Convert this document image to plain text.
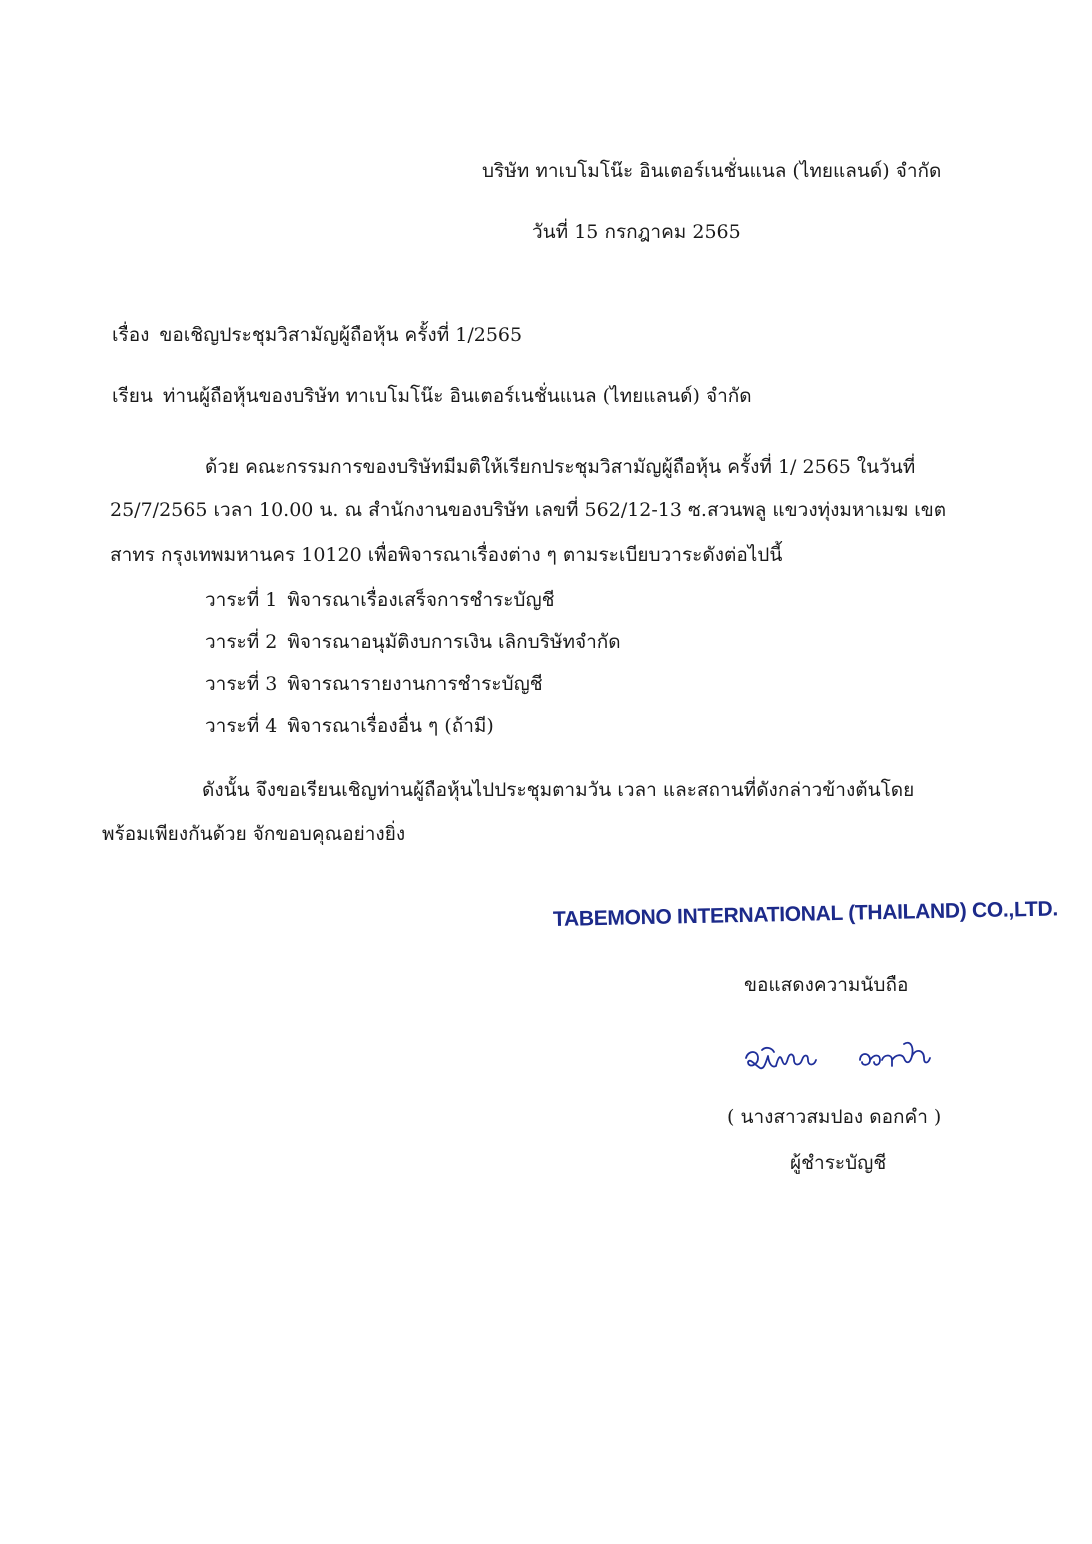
บริษัท ทาเบโมโน๊ะ อินเตอร์เนชั่นแนล (ไทยแลนด์) จำกัด
วันที่ 15 กรกฎาคม 2565
เรื่อง ขอเชิญประชุมวิสามัญผู้ถือหุ้น ครั้งที่ 1/2565
เรียน ท่านผู้ถือหุ้นของบริษัท ทาเบโมโน๊ะ อินเตอร์เนชั่นแนล (ไทยแลนด์) จำกัด
ด้วย คณะกรรมการของบริษัทมีมติให้เรียกประชุมวิสามัญผู้ถือหุ้น ครั้งที่ 1/ 2565 ในวันที่
25/7/2565 เวลา 10.00 น. ณ สำนักงานของบริษัท เลขที่ 562/12-13 ซ.สวนพลู แขวงทุ่งมหาเมฆ เขต
สาทร กรุงเทพมหานคร 10120 เพื่อพิจารณาเรื่องต่าง ๆ ตามระเบียบวาระดังต่อไปนี้
วาระที่ 1 พิจารณาเรื่องเสร็จการชำระบัญชี
วาระที่ 2 พิจารณาอนุมัติงบการเงิน เลิกบริษัทจำกัด
วาระที่ 3 พิจารณารายงานการชำระบัญชี
วาระที่ 4 พิจารณาเรื่องอื่น ๆ (ถ้ามี)
ดังนั้น จึงขอเรียนเชิญท่านผู้ถือหุ้นไปประชุมตามวัน เวลา และสถานที่ดังกล่าวข้างต้นโดย
พร้อมเพียงกันด้วย จักขอบคุณอย่างยิ่ง
TABEMONO INTERNATIONAL (THAILAND) CO.,LTD.
ขอแสดงความนับถือ
( นางสาวสมปอง ดอกคำ )
ผู้ชำระบัญชี
